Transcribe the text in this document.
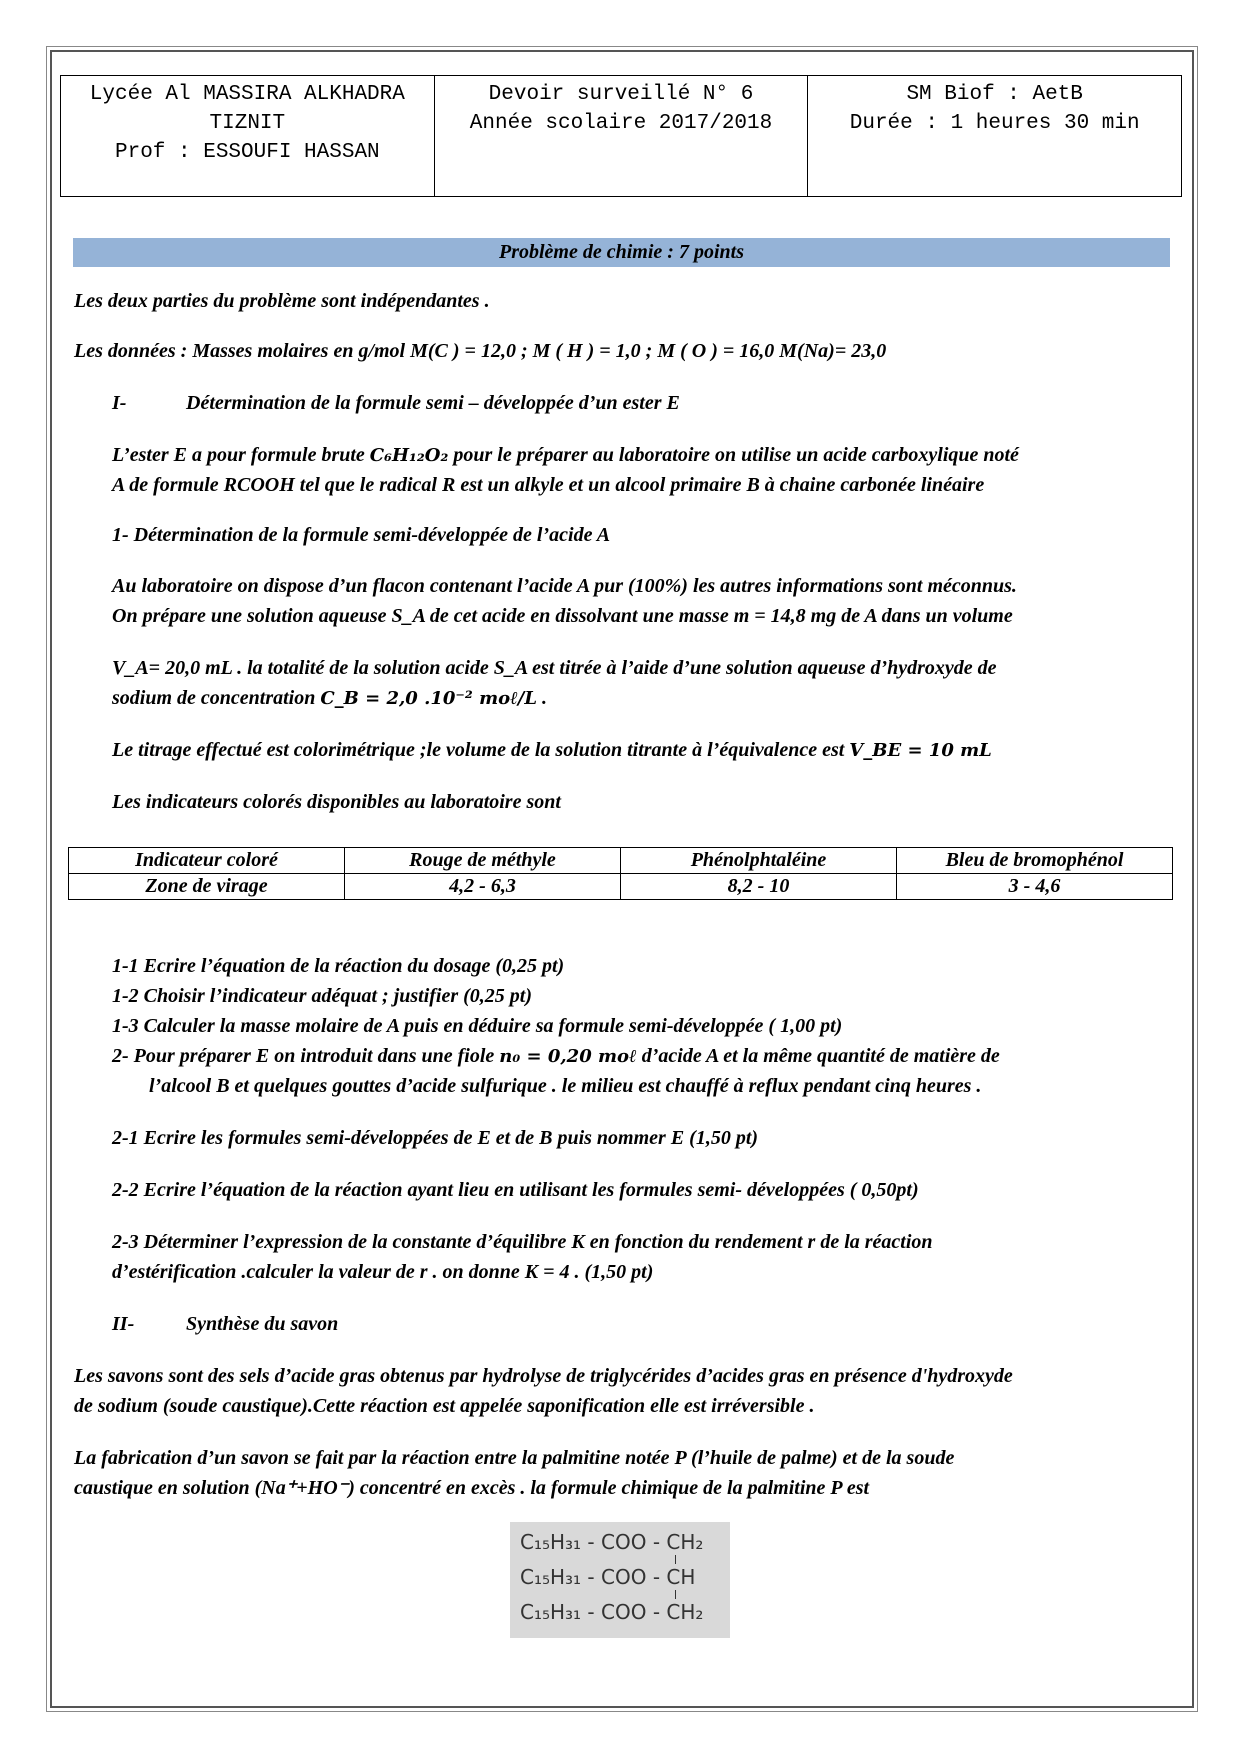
Lycée Al MASSIRA ALKHADRA
TIZNIT
Prof : ESSOUFI HASSAN
Devoir surveillé N° 6
Année scolaire 2017/2018
SM Biof : AetB
Durée : 1 heures 30 min
Problème de chimie : 7 points
Les deux parties du problème sont indépendantes .
Les données : Masses molaires en g/mol M(C ) = 12,0 ; M ( H ) = 1,0 ; M ( O ) = 16,0 M(Na)= 23,0
I-	Détermination de la formule semi – développée d’un ester E
L’ester E a pour formule brute C₆H₁₂O₂ pour le préparer au laboratoire on utilise un acide carboxylique noté
A de formule RCOOH tel que le radical R est un alkyle et un alcool primaire B à chaine carbonée linéaire
1- Détermination de la formule semi-développée de l’acide A
Au laboratoire on dispose d’un flacon contenant l’acide A pur (100%) les autres informations sont méconnus.
On prépare une solution aqueuse S_A de cet acide en dissolvant une masse m = 14,8 mg de A dans un volume
V_A= 20,0 mL . la totalité de la solution acide S_A est titrée à l’aide d’une solution aqueuse d’hydroxyde de
sodium de concentration C_B = 2,0 .10⁻² moℓ/L .
Le titrage effectué est colorimétrique ;le volume de la solution titrante à l’équivalence est V_BE = 10 mL
Les indicateurs colorés disponibles au laboratoire sont
Indicateur coloré	Rouge de méthyle	Phénolphtaléine	Bleu de bromophénol
Zone de virage	4,2 - 6,3	8,2 - 10	3 - 4,6
1-1 Ecrire l’équation de la réaction du dosage (0,25 pt)
1-2 Choisir l’indicateur adéquat ; justifier (0,25 pt)
1-3 Calculer la masse molaire de A puis en déduire sa formule semi-développée ( 1,00 pt)
2- Pour préparer E on introduit dans une fiole n₀ = 0,20 moℓ d’acide A et la même quantité de matière de
l’alcool B et quelques gouttes d’acide sulfurique . le milieu est chauffé à reflux pendant cinq heures .
2-1 Ecrire les formules semi-développées de E et de B puis nommer E (1,50 pt)
2-2 Ecrire l’équation de la réaction ayant lieu en utilisant les formules semi- développées ( 0,50pt)
2-3 Déterminer l’expression de la constante d’équilibre K en fonction du rendement r de la réaction
d’estérification .calculer la valeur de r . on donne K = 4 . (1,50 pt)
II-	Synthèse du savon
Les savons sont des sels d’acide gras obtenus par hydrolyse de triglycérides d’acides gras en présence d'hydroxyde
de sodium (soude caustique).Cette réaction est appelée saponification elle est irréversible .
La fabrication d’un savon se fait par la réaction entre la palmitine notée P (l’huile de palme) et de la soude
caustique en solution (Na⁺+HO⁻) concentré en excès . la formule chimique de la palmitine P est
C₁₅H₃₁ - COO - CH₂
C₁₅H₃₁ - COO - CH
C₁₅H₃₁ - COO - CH₂
